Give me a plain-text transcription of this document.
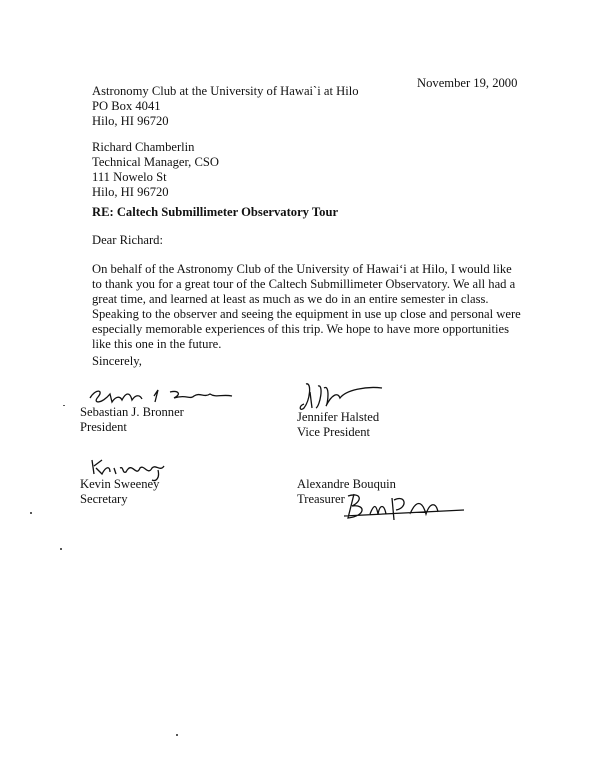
November 19, 2000
Astronomy Club at the University of Hawai`i at Hilo
PO Box 4041
Hilo, HI 96720
Richard Chamberlin
Technical Manager, CSO
111 Nowelo St
Hilo, HI 96720
RE: Caltech Submillimeter Observatory Tour
Dear Richard:
On behalf of the Astronomy Club of the University of Hawai‘i at Hilo, I would like to thank you for a great tour of the Caltech Submillimeter Observatory. We all had a great time, and learned at least as much as we do in an entire semester in class. Speaking to the observer and seeing the equipment in use up close and personal were especially memorable experiences of this trip. We hope to have more opportunities like this one in the future.
Sincerely,
Sebastian J. Bronner
President
Jennifer Halsted
Vice President
Kevin Sweeney
Secretary
Alexandre Bouquin
Treasurer
